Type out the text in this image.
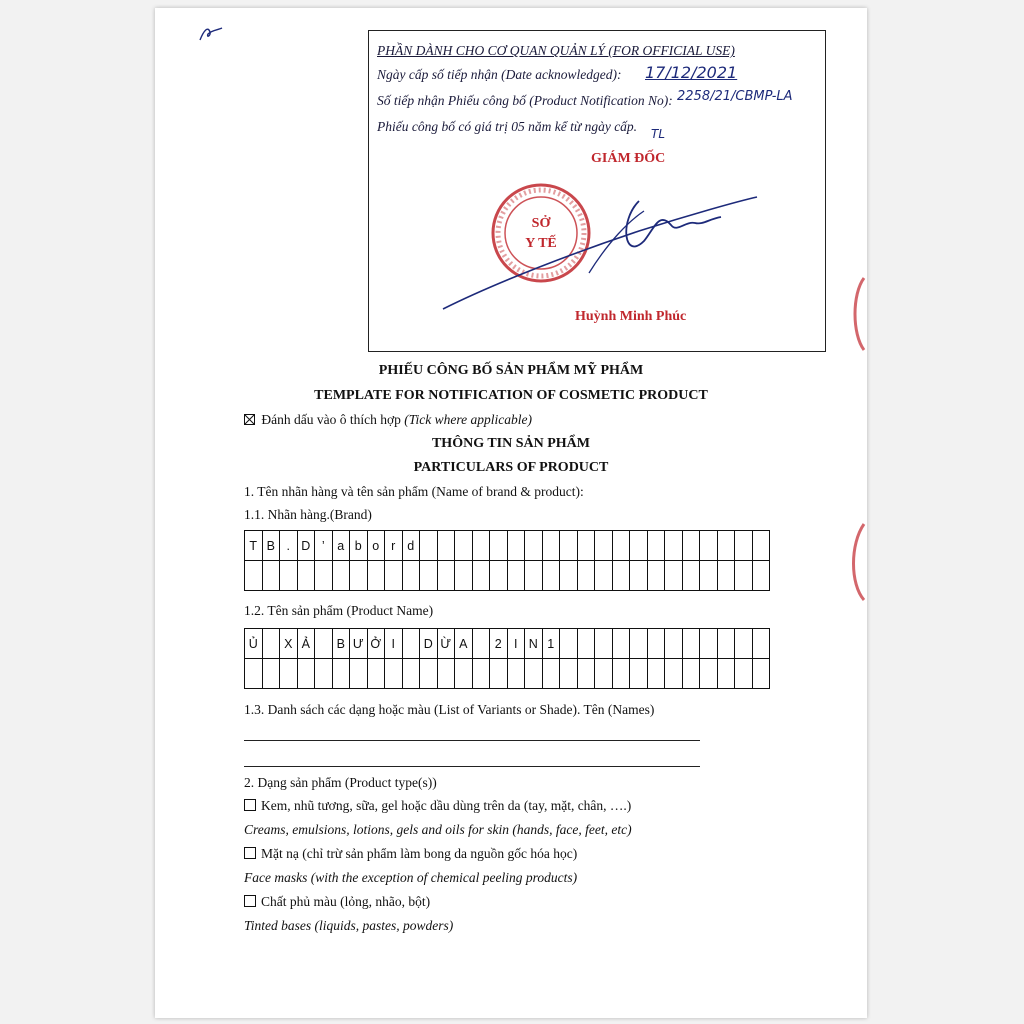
PHẦN DÀNH CHO CƠ QUAN QUẢN LÝ (FOR OFFICIAL USE)
Ngày cấp số tiếp nhận (Date acknowledged): 17/12/2021
Số tiếp nhận Phiếu công bố (Product Notification No): 2258/21/CBMP-LA
Phiếu công bố có giá trị 05 năm kể từ ngày cấp. TL
GIÁM ĐỐC
SỞ
Y TẾ
Huỳnh Minh Phúc
PHIẾU CÔNG BỐ SẢN PHẨM MỸ PHẨM
TEMPLATE FOR NOTIFICATION OF COSMETIC PRODUCT
Đánh dấu vào ô thích hợp (Tick where applicable)
THÔNG TIN SẢN PHẨM
PARTICULARS OF PRODUCT
1. Tên nhãn hàng và tên sản phẩm (Name of brand & product):
1.1. Nhãn hàng.(Brand)
T B . D ’	a b o r d
1.2. Tên sản phẩm (Product Name)
Ủ	X Ả	B Ư Ở I	D Ừ A	2 I N 1
1.3. Danh sách các dạng hoặc màu (List of Variants or Shade). Tên (Names)
2. Dạng sản phẩm (Product type(s))
Kem, nhũ tương, sữa, gel hoặc dầu dùng trên da (tay, mặt, chân, ….)
Creams, emulsions, lotions, gels and oils for skin (hands, face, feet, etc)
Mặt nạ (chỉ trừ sản phẩm làm bong da nguồn gốc hóa học)
Face masks (with the exception of chemical peeling products)
Chất phủ màu (lỏng, nhão, bột)
Tinted bases (liquids, pastes, powders)
